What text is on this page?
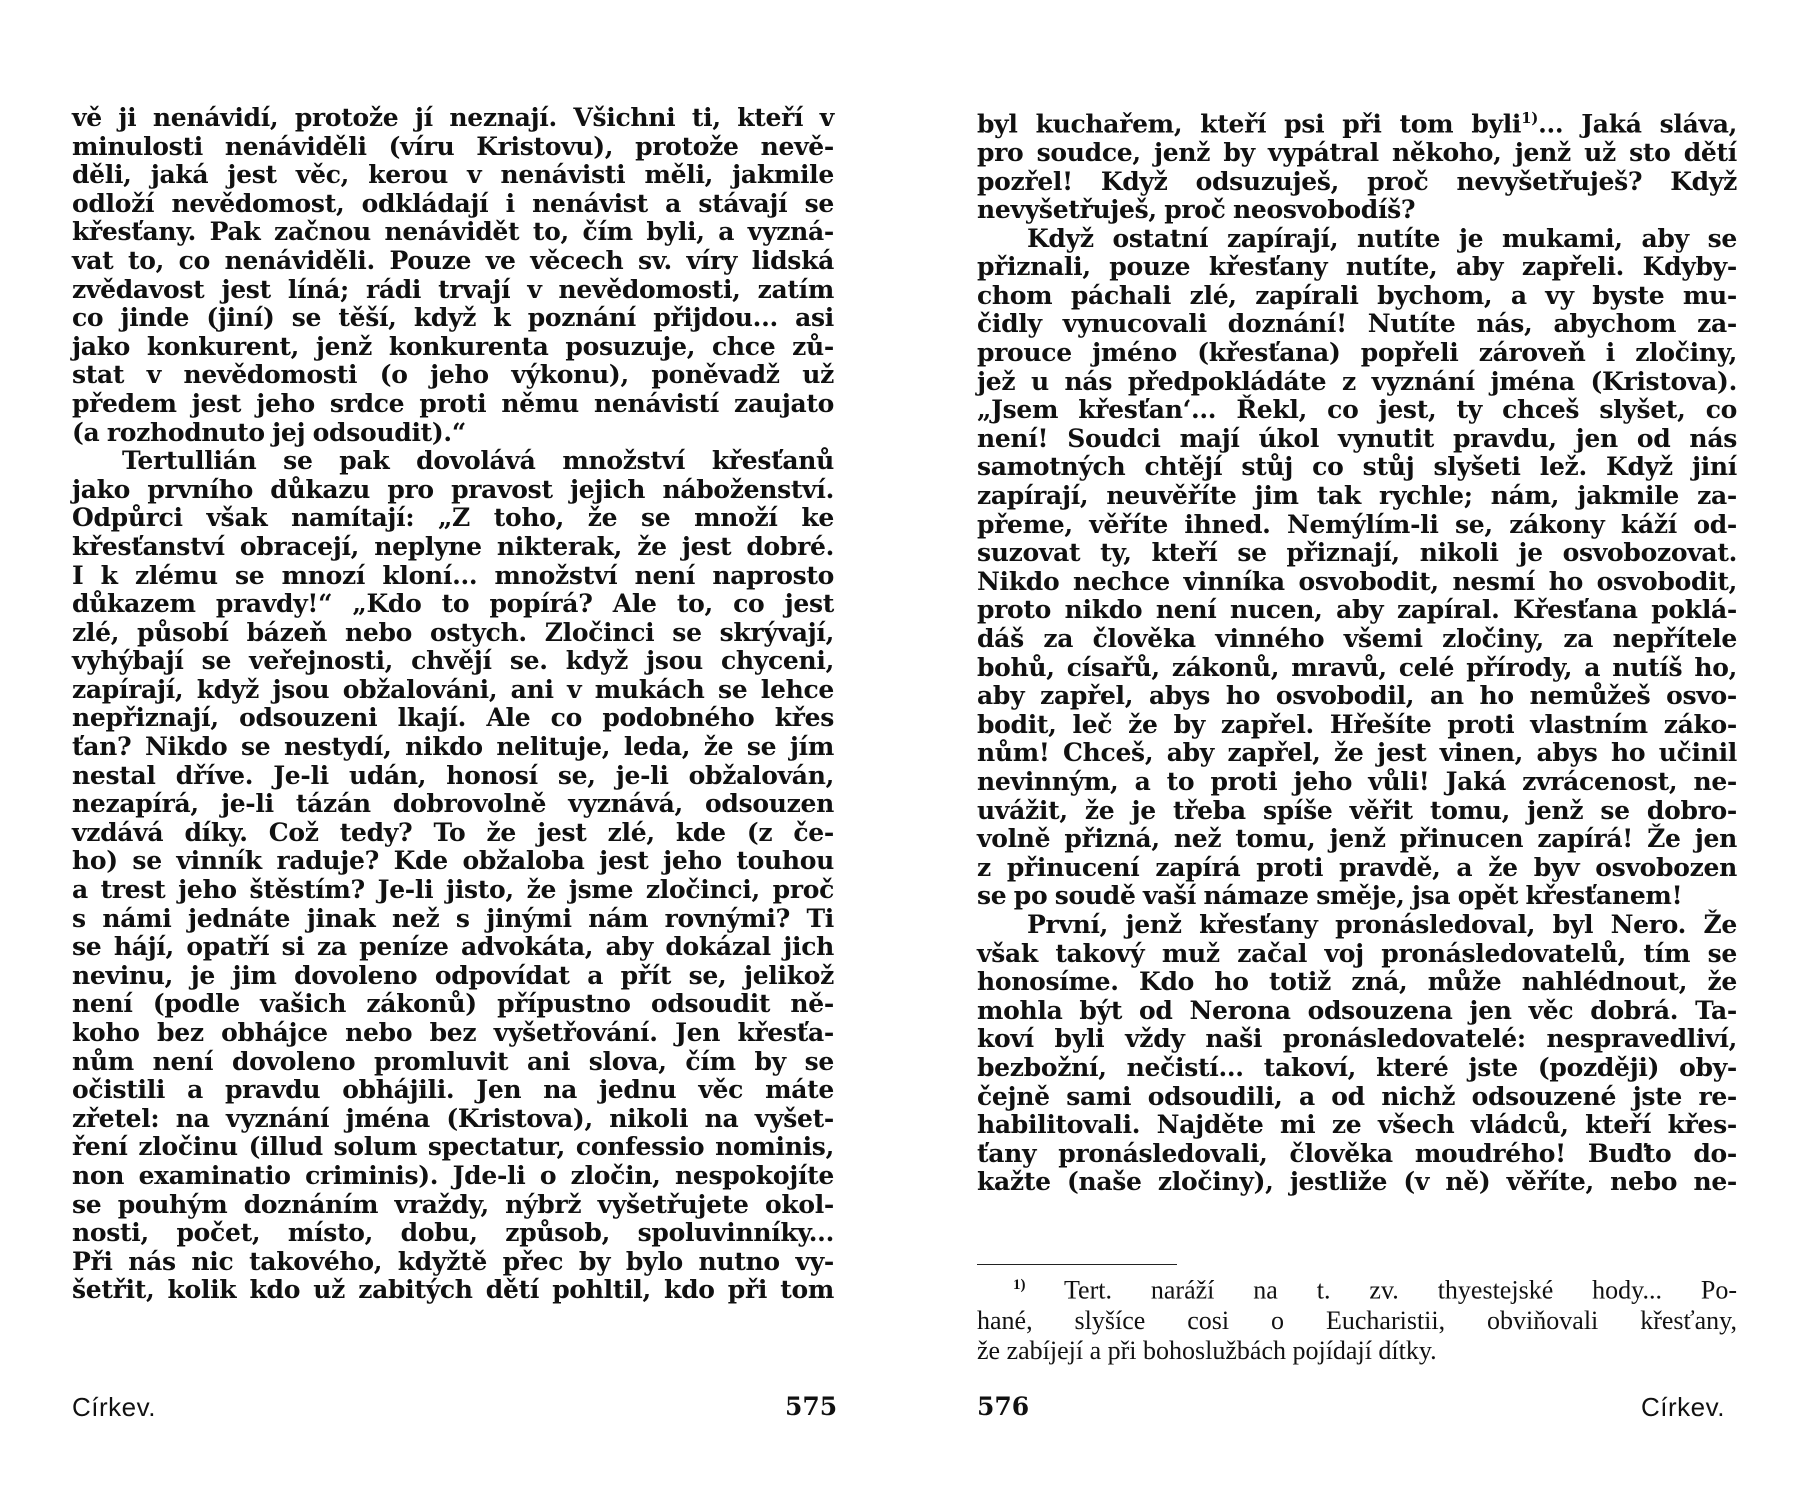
vě ji nenávidí, protože jí neznají. Všichni ti, kteří v

minulosti nenáviděli (víru Kristovu), protože nevě-

děli, jaká jest věc, kerou v nenávisti měli, jakmile

odloží nevědomost, odkládají i nenávist a stávají se

křesťany. Pak začnou nenávidět to, čím byli, a vyzná-

vat to, co nenáviděli. Pouze ve věcech sv. víry lidská

zvědavost jest líná; rádi trvají v nevědomosti, zatím

co jinde (jiní) se těší, když k poznání přijdou... asi

jako konkurent, jenž konkurenta posuzuje, chce zů-

stat v nevědomosti (o jeho výkonu), poněvadž už

předem jest jeho srdce proti němu nenávistí zaujato

(a rozhodnuto jej odsoudit).“

Tertullián se pak dovolává množství křesťanů

jako prvního důkazu pro pravost jejich náboženství.

Odpůrci však namítají: „Z toho, že se množí ke

křesťanství obracejí, neplyne nikterak, že jest dobré.

I k zlému se mnozí kloní... množství není naprosto

důkazem pravdy!“ „Kdo to popírá? Ale to, co jest

zlé, působí bázeň nebo ostych. Zločinci se skrývají,

vyhýbají se veřejnosti, chvějí se. když jsou chyceni,

zapírají, když jsou obžalováni, ani v mukách se lehce

nepřiznají, odsouzeni lkají. Ale co podobného křes

ťan? Nikdo se nestydí, nikdo nelituje, leda, že se jím

nestal dříve. Je-li udán, honosí se, je-li obžalován,

nezapírá, je-li tázán dobrovolně vyznává, odsouzen

vzdává díky. Což tedy? To že jest zlé, kde (z če-

ho) se vinník raduje? Kde obžaloba jest jeho touhou

a trest jeho štěstím? Je-li jisto, že jsme zločinci, proč

s námi jednáte jinak než s jinými nám rovnými? Ti

se hájí, opatří si za peníze advokáta, aby dokázal jich

nevinu, je jim dovoleno odpovídat a přít se, jelikož

není (podle vašich zákonů) přípustno odsoudit ně-

koho bez obhájce nebo bez vyšetřování. Jen křesťa-

nům není dovoleno promluvit ani slova, čím by se

očistili a pravdu obhájili. Jen na jednu věc máte

zřetel: na vyznání jména (Kristova), nikoli na vyšet-

ření zločinu (illud solum spectatur, confessio nominis,

non examinatio criminis). Jde-li o zločin, nespokojíte

se pouhým doznáním vraždy, nýbrž vyšetřujete okol-

nosti, počet, místo, dobu, způsob, spoluvinníky...

Při nás nic takového, kdyžtě přec by bylo nutno vy-

šetřit, kolik kdo už zabitých dětí pohltil, kdo při tom

Církev.	575

byl kuchařem, kteří psi při tom byli$^{1)}$... Jaká sláva,

pro soudce, jenž by vypátral někoho, jenž už sto dětí

pozřel! Když odsuzuješ, proč nevyšetřuješ? Když

nevyšetřuješ, proč neosvobodíš?

Když ostatní zapírají, nutíte je mukami, aby se

přiznali, pouze křesťany nutíte, aby zapřeli. Kdyby-

chom páchali zlé, zapírali bychom, a vy byste mu-

čidly vynucovali doznání! Nutíte nás, abychom za-

prouce jméno (křesťana) popřeli zároveň i zločiny,

jež u nás předpokládáte z vyznání jména (Kristova).

„Jsem křesťan‘... Řekl, co jest, ty chceš slyšet, co

není! Soudci mají úkol vynutit pravdu, jen od nás

samotných chtějí stůj co stůj slyšeti lež. Když jiní

zapírají, neuvěříte jim tak rychle; nám, jakmile za-

přeme, věříte ihned. Nemýlím-li se, zákony káží od-

suzovat ty, kteří se přiznají, nikoli je osvobozovat.

Nikdo nechce vinníka osvobodit, nesmí ho osvobodit,

proto nikdo není nucen, aby zapíral. Křesťana poklá-

dáš za člověka vinného všemi zločiny, za nepřítele

bohů, císařů, zákonů, mravů, celé přírody, a nutíš ho,

aby zapřel, abys ho osvobodil, an ho nemůžeš osvo-

bodit, leč že by zapřel. Hřešíte proti vlastním záko-

nům! Chceš, aby zapřel, že jest vinen, abys ho učinil

nevinným, a to proti jeho vůli! Jaká zvrácenost, ne-

uvážit, že je třeba spíše věřit tomu, jenž se dobro-

volně přizná, než tomu, jenž přinucen zapírá! Že jen

z přinucení zapírá proti pravdě, a že byv osvobozen

se po soudě vaší námaze směje, jsa opět křesťanem!

První, jenž křesťany pronásledoval, byl Nero. Že

však takový muž začal voj pronásledovatelů, tím se

honosíme. Kdo ho totiž zná, může nahlédnout, že

mohla být od Nerona odsouzena jen věc dobrá. Ta-

koví byli vždy naši pronásledovatelé: nespravedliví,

bezbožní, nečistí... takoví, které jste (později) oby-

čejně sami odsoudili, a od nichž odsouzené jste re-

habilitovali. Najděte mi ze všech vládců, kteří křes-

ťany pronásledovali, člověka moudrého! Buďto do-

kažte (naše zločiny), jestliže (v ně) věříte, nebo ne-

$^{1)}$ Tert. naráží na t. zv. thyestejské hody... Po-

hané, slyšíce cosi o Eucharistii, obviňovali křesťany,

že zabíjejí a při bohoslužbách pojídají dítky.

576	Církev.
